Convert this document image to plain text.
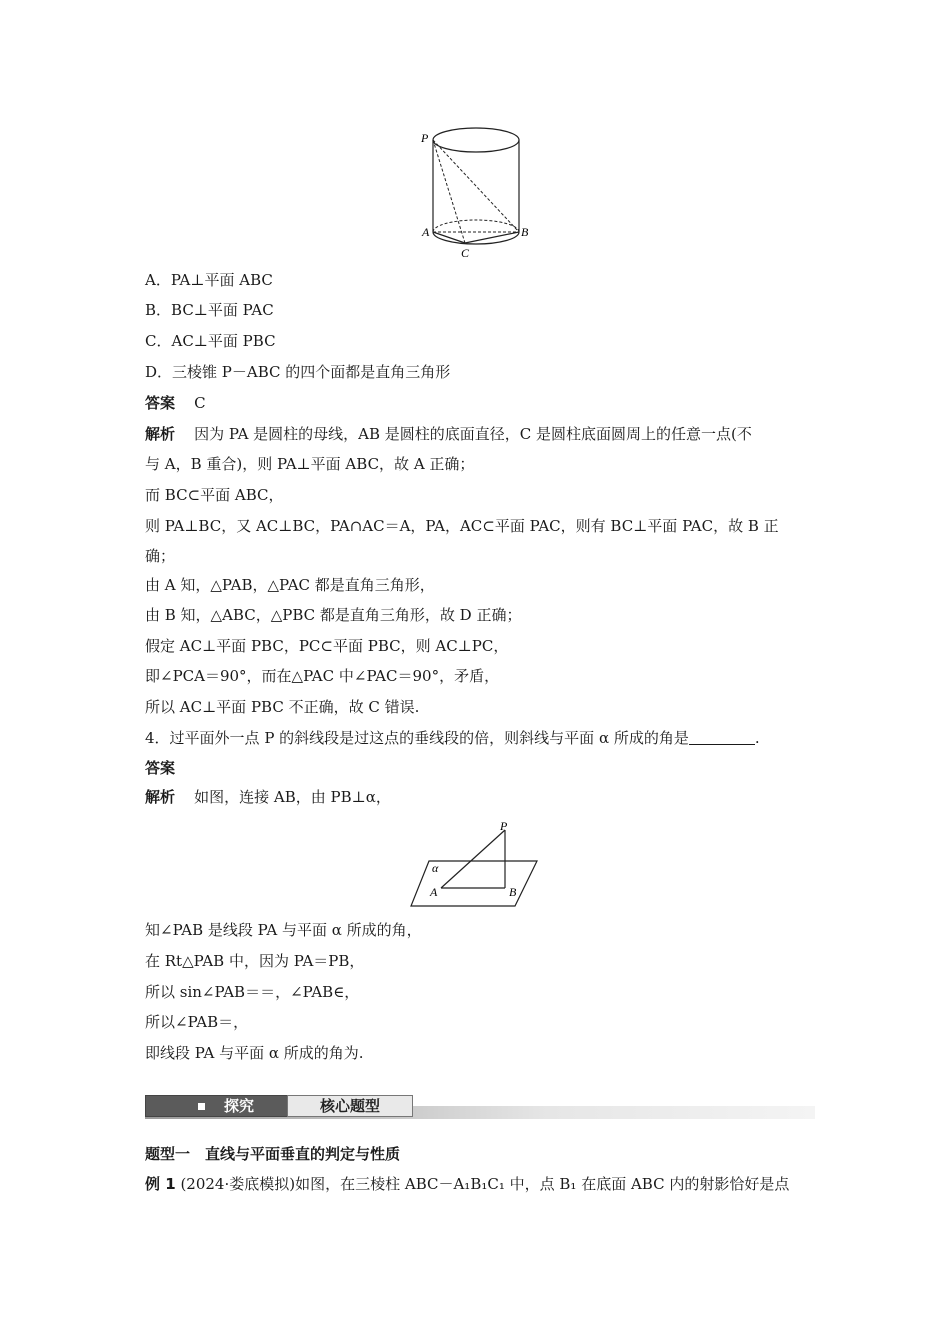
P
A	B
C
A．PA⊥平面 ABC
B．BC⊥平面 PAC
C．AC⊥平面 PBC
D．三棱锥 P－ABC 的四个面都是直角三角形
答案 C
解析 因为 PA 是圆柱的母线，AB 是圆柱的底面直径，C 是圆柱底面圆周上的任意一点(不
与 A，B 重合)，则 PA⊥平面 ABC，故 A 正确；
而 BC⊂平面 ABC，
则 PA⊥BC，又 AC⊥BC，PA∩AC＝A，PA，AC⊂平面 PAC，则有 BC⊥平面 PAC，故 B 正
确；
由 A 知，△PAB，△PAC 都是直角三角形，
由 B 知，△ABC，△PBC 都是直角三角形，故 D 正确；
假定 AC⊥平面 PBC，PC⊂平面 PBC，则 AC⊥PC，
即∠PCA＝90°，而在△PAC 中∠PAC＝90°，矛盾，
所以 AC⊥平面 PBC 不正确，故 C 错误.
4．过平面外一点 P 的斜线段是过这点的垂线段的倍，则斜线与平面 α 所成的角是	.
答案
解析 如图，连接 AB，由 PB⊥α，
P
α
A	B
知∠PAB 是线段 PA 与平面 α 所成的角，
在 Rt△PAB 中，因为 PA＝PB，
所以 sin∠PAB＝＝，∠PAB∈，
所以∠PAB＝，
即线段 PA 与平面 α 所成的角为.
探究	核心题型
题型一　直线与平面垂直的判定与性质
例 1 (2024·娄底模拟)如图，在三棱柱 ABC－A₁B₁C₁ 中，点 B₁ 在底面 ABC 内的射影恰好是点
